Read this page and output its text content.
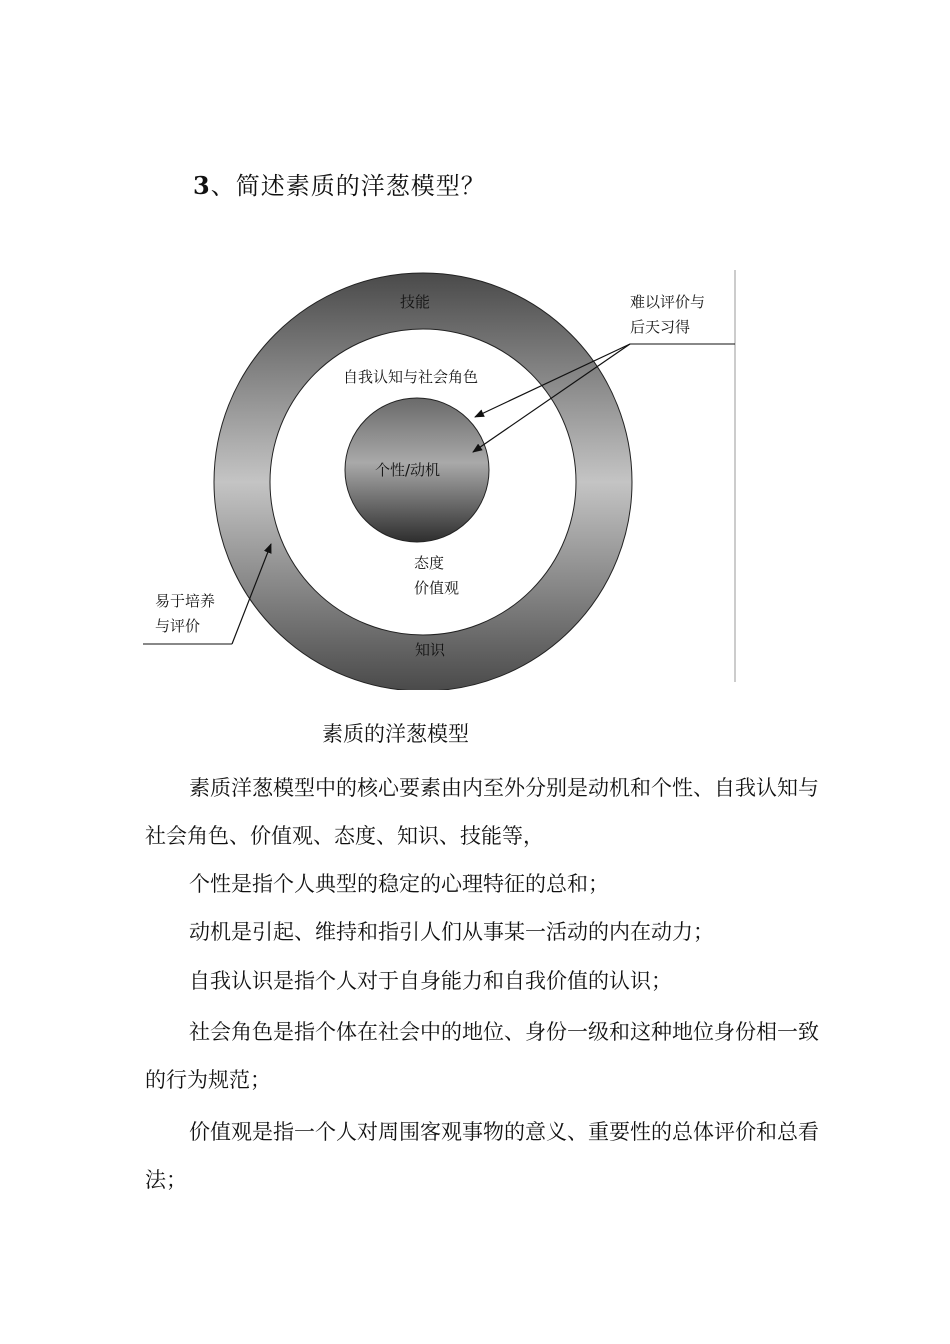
3、简述素质的洋葱模型？
技能
自我认知与社会角色
个性/动机
态度
价值观
知识
难以评价与
后天习得
易于培养
与评价
素质的洋葱模型

素质洋葱模型中的核心要素由内至外分别是动机和个性、自我认知与社会角色、价值观、态度、知识、技能等，

个性是指个人典型的稳定的心理特征的总和；

动机是引起、维持和指引人们从事某一活动的内在动力；

自我认识是指个人对于自身能力和自我价值的认识；

社会角色是指个体在社会中的地位、身份一级和这种地位身份相一致的行为规范；

价值观是指一个人对周围客观事物的意义、重要性的总体评价和总看法；
